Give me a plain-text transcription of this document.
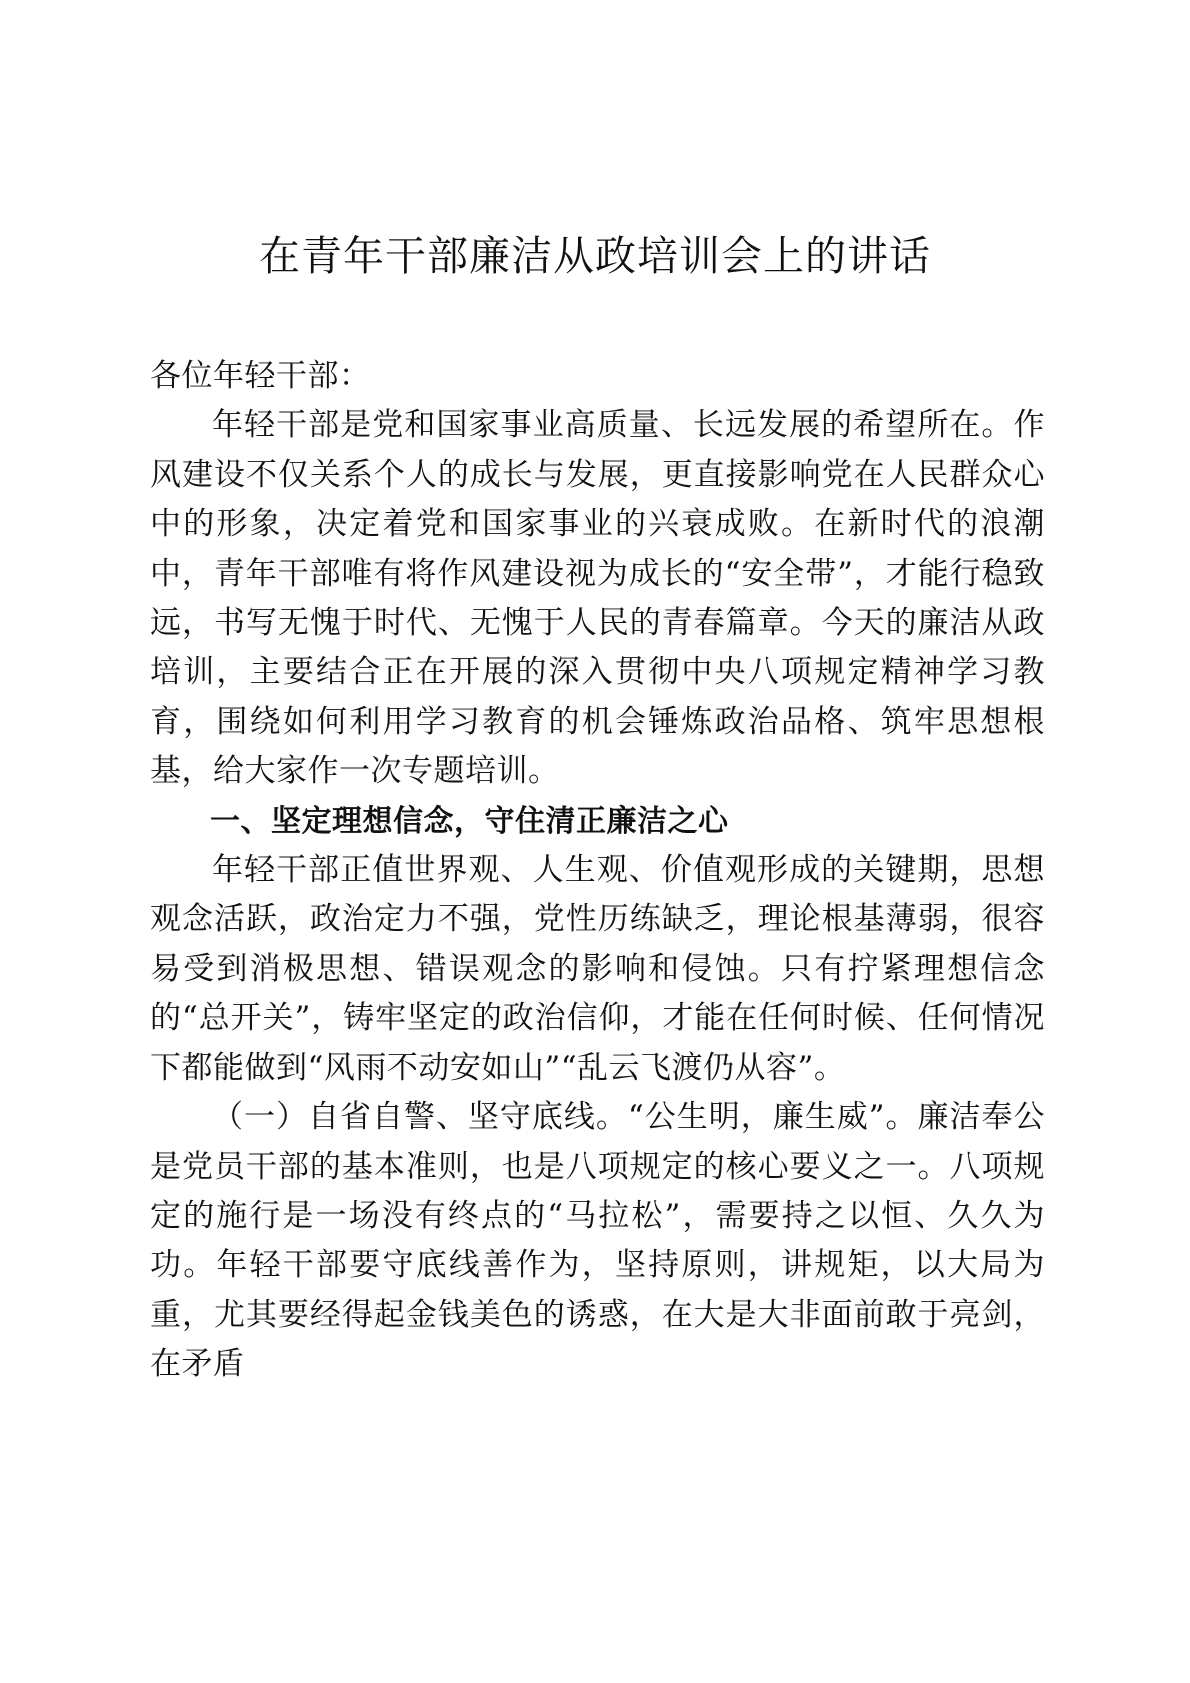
在青年干部廉洁从政培训会上的讲话

各位年轻干部：

年轻干部是党和国家事业高质量、长远发展的希望所在。作风建设不仅关系个人的成长与发展，更直接影响党在人民群众心中的形象，决定着党和国家事业的兴衰成败。在新时代的浪潮中，青年干部唯有将作风建设视为成长的“安全带”，才能行稳致远，书写无愧于时代、无愧于人民的青春篇章。今天的廉洁从政培训，主要结合正在开展的深入贯彻中央八项规定精神学习教育，围绕如何利用学习教育的机会锤炼政治品格、筑牢思想根基，给大家作一次专题培训。

一、坚定理想信念，守住清正廉洁之心

年轻干部正值世界观、人生观、价值观形成的关键期，思想观念活跃，政治定力不强，党性历练缺乏，理论根基薄弱，很容易受到消极思想、错误观念的影响和侵蚀。只有拧紧理想信念的“总开关”，铸牢坚定的政治信仰，才能在任何时候、任何情况下都能做到“风雨不动安如山”“乱云飞渡仍从容”。

（一）自省自警、坚守底线。“公生明，廉生威”。廉洁奉公是党员干部的基本准则，也是八项规定的核心要义之一。八项规定的施行是一场没有终点的“马拉松”，需要持之以恒、久久为功。年轻干部要守底线善作为，坚持原则，讲规矩，以大局为重，尤其要经得起金钱美色的诱惑，在大是大非面前敢于亮剑，在矛盾
